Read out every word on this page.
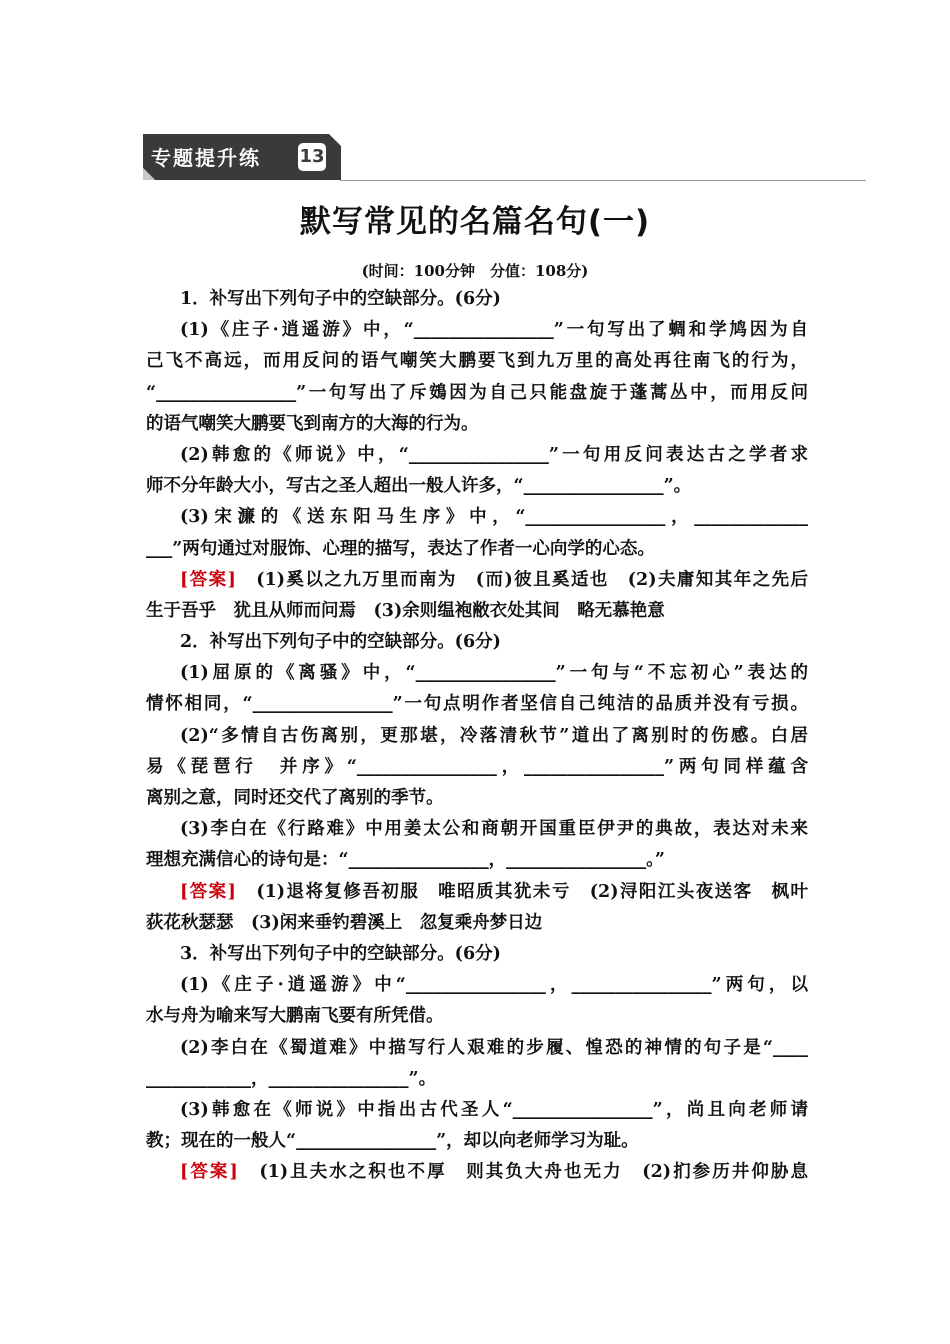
专题提升练 13
默写常见的名篇名句(一)
(时间：100分钟　分值：108分)
1．补写出下列句子中的空缺部分。(6分)
(1)《庄子·逍遥游》中，“________________”一句写出了蜩和学鸠因为自
己飞不高远，而用反问的语气嘲笑大鹏要飞到九万里的高处再往南飞的行为，
“________________”一句写出了斥鴳因为自己只能盘旋于蓬蒿丛中，而用反问
的语气嘲笑大鹏要飞到南方的大海的行为。
(2)韩愈的《师说》中，“________________”一句用反问表达古之学者求
师不分年龄大小，写古之圣人超出一般人许多，“________________”。
(3)宋濂的《送东阳马生序》中，“________________，_____________
___”两句通过对服饰、心理的描写，表达了作者一心向学的心态。
[答案]　(1)奚以之九万里而南为　(而)彼且奚适也　(2)夫庸知其年之先后
生于吾乎　犹且从师而问焉　(3)余则缊袍敝衣处其间　略无慕艳意
2．补写出下列句子中的空缺部分。(6分)
(1)屈原的《离骚》中，“________________”一句与“不忘初心”表达的
情怀相同，“________________”一句点明作者坚信自己纯洁的品质并没有亏损。
(2)“多情自古伤离别，更那堪，冷落清秋节”道出了离别时的伤感。白居
易《琵琶行　并序》“________________，________________”两句同样蕴含
离别之意，同时还交代了离别的季节。
(3)李白在《行路难》中用姜太公和商朝开国重臣伊尹的典故，表达对未来
理想充满信心的诗句是：“________________，________________。”
[答案]　(1)退将复修吾初服　唯昭质其犹未亏　(2)浔阳江头夜送客　枫叶
荻花秋瑟瑟　(3)闲来垂钓碧溪上　忽复乘舟梦日边
3．补写出下列句子中的空缺部分。(6分)
(1)《庄子·逍遥游》中“________________，________________”两句，以
水与舟为喻来写大鹏南飞要有所凭借。
(2)李白在《蜀道难》中描写行人艰难的步履、惶恐的神情的句子是“____
____________，________________”。
(3)韩愈在《师说》中指出古代圣人“________________”，尚且向老师请
教；现在的一般人“________________”，却以向老师学习为耻。
[答案]　(1)且夫水之积也不厚　则其负大舟也无力　(2)扪参历井仰胁息
